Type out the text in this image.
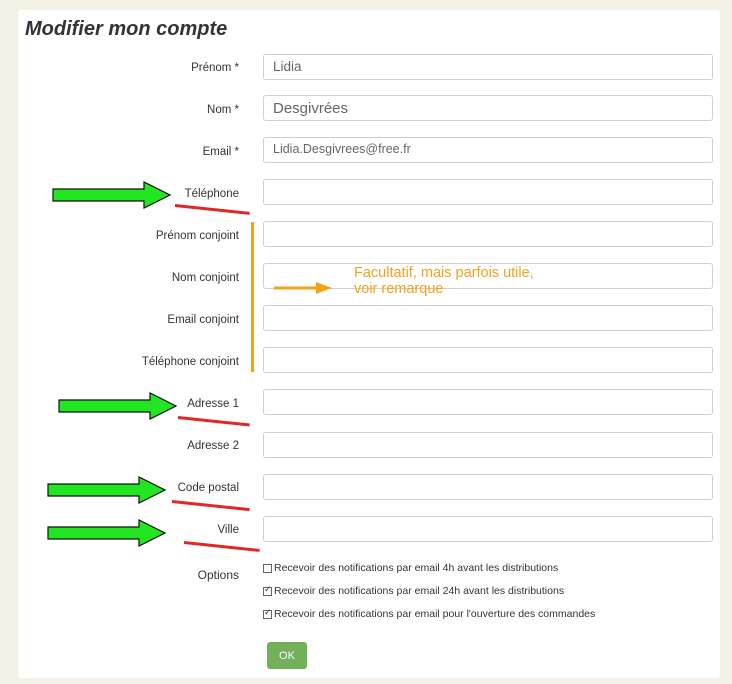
Modifier mon compte
Prénom *
Nom *
Email *
Téléphone
Prénom conjoint
Nom conjoint
Email conjoint
Téléphone conjoint
Adresse 1
Adresse 2
Code postal
Ville
Lidia
Desgivrées
Lidia.Desgivrees@free.fr
Facultatif, mais parfois utile,
voir remarque
Options	Recevoir des notifications par email 4h avant les distributions
✓
Recevoir des notifications par email 24h avant les distributions
✓
Recevoir des notifications par email pour l'ouverture des commandes
OK
